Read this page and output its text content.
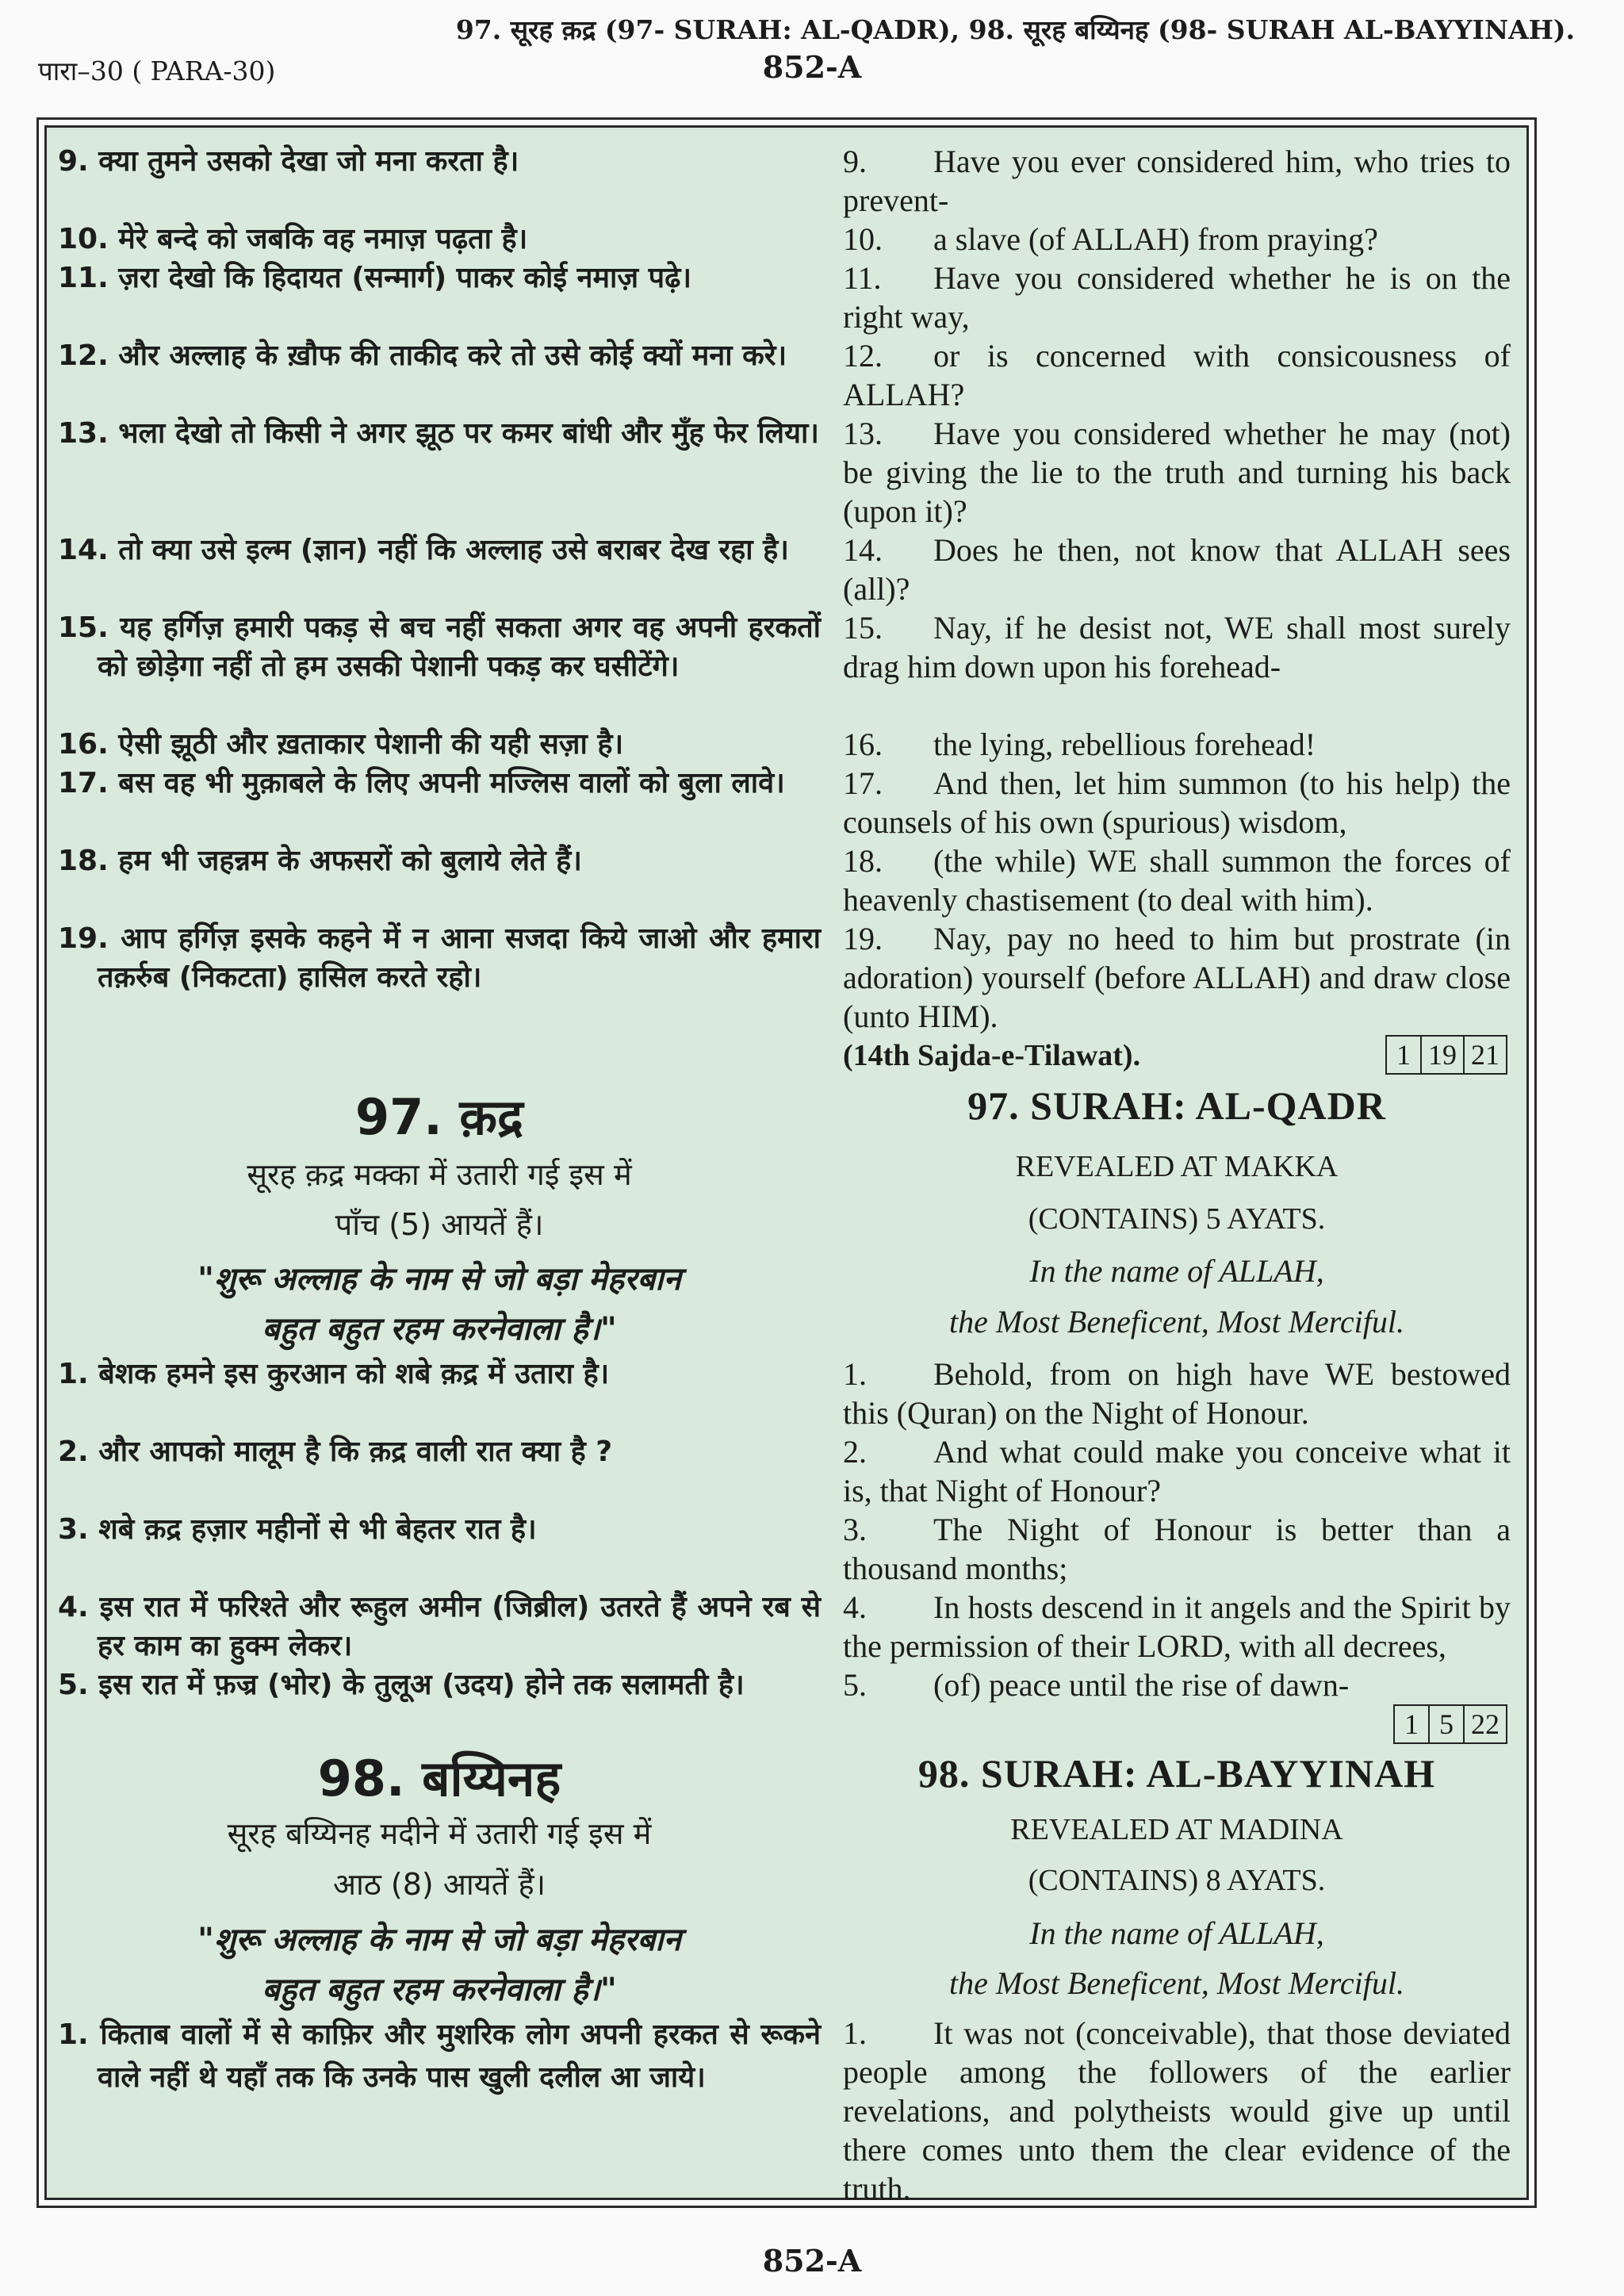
97. सूरह क़द्र (97- SURAH: AL-QADR), 98. सूरह बय्यिनह (98- SURAH AL-BAYYINAH).
पारा–30 ( PARA-30)	852-A
9. क्या तुमने उसको देखा जो मना करता है।
10. मेरे बन्दे को जबकि वह नमाज़ पढ़ता है।
11. ज़रा देखो कि हिदायत (सन्मार्ग) पाकर कोई नमाज़ पढ़े।
12. और अल्लाह के ख़ौफ की ताकीद करे तो उसे कोई क्यों मना करे।
13. भला देखो तो किसी ने अगर झूठ पर कमर बांधी और मुँह फेर लिया।
14. तो क्या उसे इल्म (ज्ञान) नहीं कि अल्लाह उसे बराबर देख रहा है।
15. यह हर्गिज़ हमारी पकड़ से बच नहीं सकता अगर वह अपनी हरकतों को छोड़ेगा नहीं तो हम उसकी पेशानी पकड़ कर घसीटेंगे।
16. ऐसी झूठी और ख़ताकार पेशानी की यही सज़ा है।
17. बस वह भी मुक़ाबले के लिए अपनी मज्लिस वालों को बुला लावे।
18. हम भी जहन्नम के अफसरों को बुलाये लेते हैं।
19. आप हर्गिज़ इसके कहने में न आना सजदा किये जाओ और हमारा तक़र्रुब (निकटता) हासिल करते रहो।
97. क़द्र
सूरह क़द्र मक्का में उतारी गई इस में
पाँच (5) आयतें हैं।
"शुरू अल्लाह के नाम से जो बड़ा मेहरबान
बहुत बहुत रहम करनेवाला है।"
1. बेशक हमने इस कुरआन को शबे क़द्र में उतारा है।
2. और आपको मालूम है कि क़द्र वाली रात क्या है ?
3. शबे क़द्र हज़ार महीनों से भी बेहतर रात है।
4. इस रात में फरिश्ते और रूहुल अमीन (जिब्रील) उतरते हैं अपने रब से हर काम का हुक्म लेकर।
5. इस रात में फ़ज्र (भोर) के तुलूअ (उदय) होने तक सलामती है।
98. बय्यिनह
सूरह बय्यिनह मदीने में उतारी गई इस में
आठ (8) आयतें हैं।
"शुरू अल्लाह के नाम से जो बड़ा मेहरबान
बहुत बहुत रहम करनेवाला है।"
1. किताब वालों में से काफ़िर और मुशरिक लोग अपनी हरकत से रूकने वाले नहीं थे यहाँ तक कि उनके पास खुली दलील आ जाये।
9.	Have you ever considered him, who tries to prevent-
10.	a slave (of ALLAH) from praying?
11.	Have you considered whether he is on the right way,
12.	or is concerned with consicousness of ALLAH?
13.	Have you considered whether he may (not) be giving the lie to the truth and turning his back (upon it)?
14.	Does he then, not know that ALLAH sees (all)?
15.	Nay, if he desist not, WE shall most surely drag him down upon his forehead-
16.	the lying, rebellious forehead!
17.	And then, let him summon (to his help) the counsels of his own (spurious) wisdom,
18.	(the while) WE shall summon the forces of heavenly chastisement (to deal with him).
19.	Nay, pay no heed to him but prostrate (in adoration) yourself (before ALLAH) and draw close (unto HIM).
(14th Sajda-e-Tilawat).	1 19 21
97. SURAH: AL-QADR
REVEALED AT MAKKA
(CONTAINS) 5 AYATS.
In the name of ALLAH,
the Most Beneficent, Most Merciful.
1.	Behold, from on high have WE bestowed this (Quran) on the Night of Honour.
2.	And what could make you conceive what it is, that Night of Honour?
3.	The Night of Honour is better than a thousand months;
4.	In hosts descend in it angels and the Spirit by the permission of their LORD, with all decrees,
5.	(of) peace until the rise of dawn-
1 5 22
98. SURAH: AL-BAYYINAH
REVEALED AT MADINA
(CONTAINS) 8 AYATS.
In the name of ALLAH,
the Most Beneficent, Most Merciful.
1.	It was not (conceivable), that those deviated people among the followers of the earlier revelations, and polytheists would give up until there comes unto them the clear evidence of the truth.
852-A
